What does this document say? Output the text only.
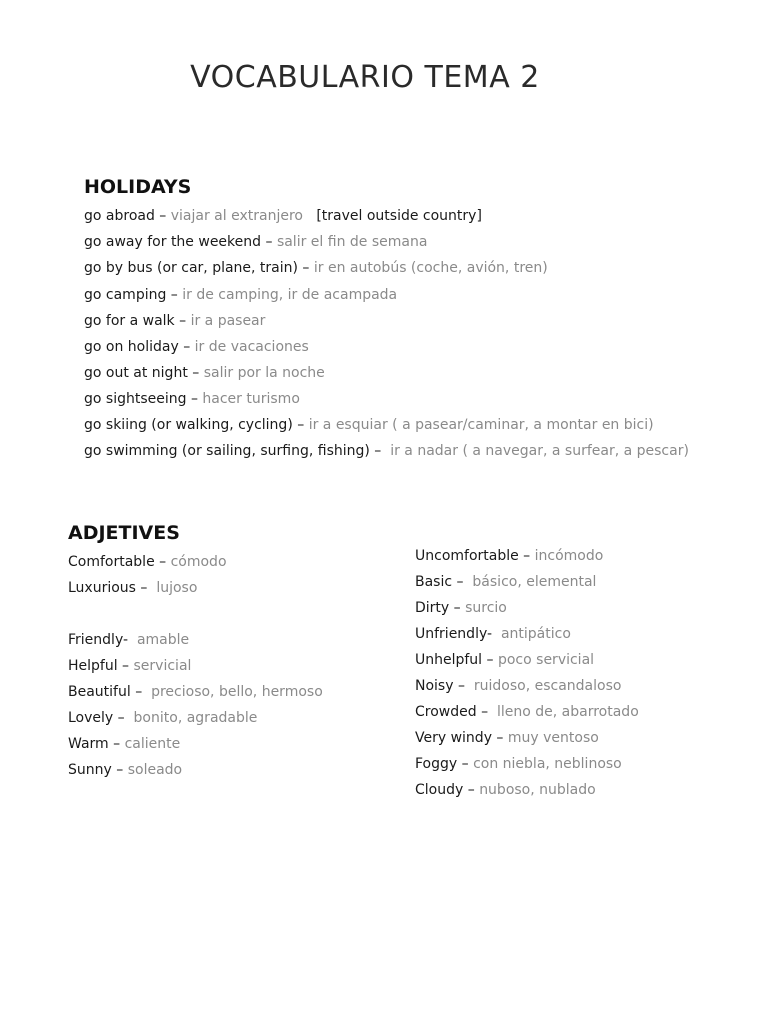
VOCABULARIO TEMA 2
HOLIDAYS
go abroad – viajar al extranjero   [travel outside country]
go away for the weekend – salir el fin de semana
go by bus (or car, plane, train) – ir en autobús (coche, avión, tren)
go camping – ir de camping, ir de acampada
go for a walk – ir a pasear
go on holiday – ir de vacaciones
go out at night – salir por la noche
go sightseeing – hacer turismo
go skiing (or walking, cycling) – ir a esquiar ( a pasear/caminar, a montar en bici)
go swimming (or sailing, surfing, fishing) –  ir a nadar ( a navegar, a surfear, a pescar)
ADJETIVES
Comfortable – cómodo
Luxurious –  lujoso
Friendly-  amable
Helpful – servicial
Beautiful –  precioso, bello, hermoso
Lovely –  bonito, agradable
Warm – caliente
Sunny – soleado
Uncomfortable – incómodo
Basic –  básico, elemental
Dirty – surcio
Unfriendly-  antipático
Unhelpful – poco servicial
Noisy –  ruidoso, escandaloso
Crowded –  lleno de, abarrotado
Very windy – muy ventoso
Foggy – con niebla, neblinoso
Cloudy – nuboso, nublado
